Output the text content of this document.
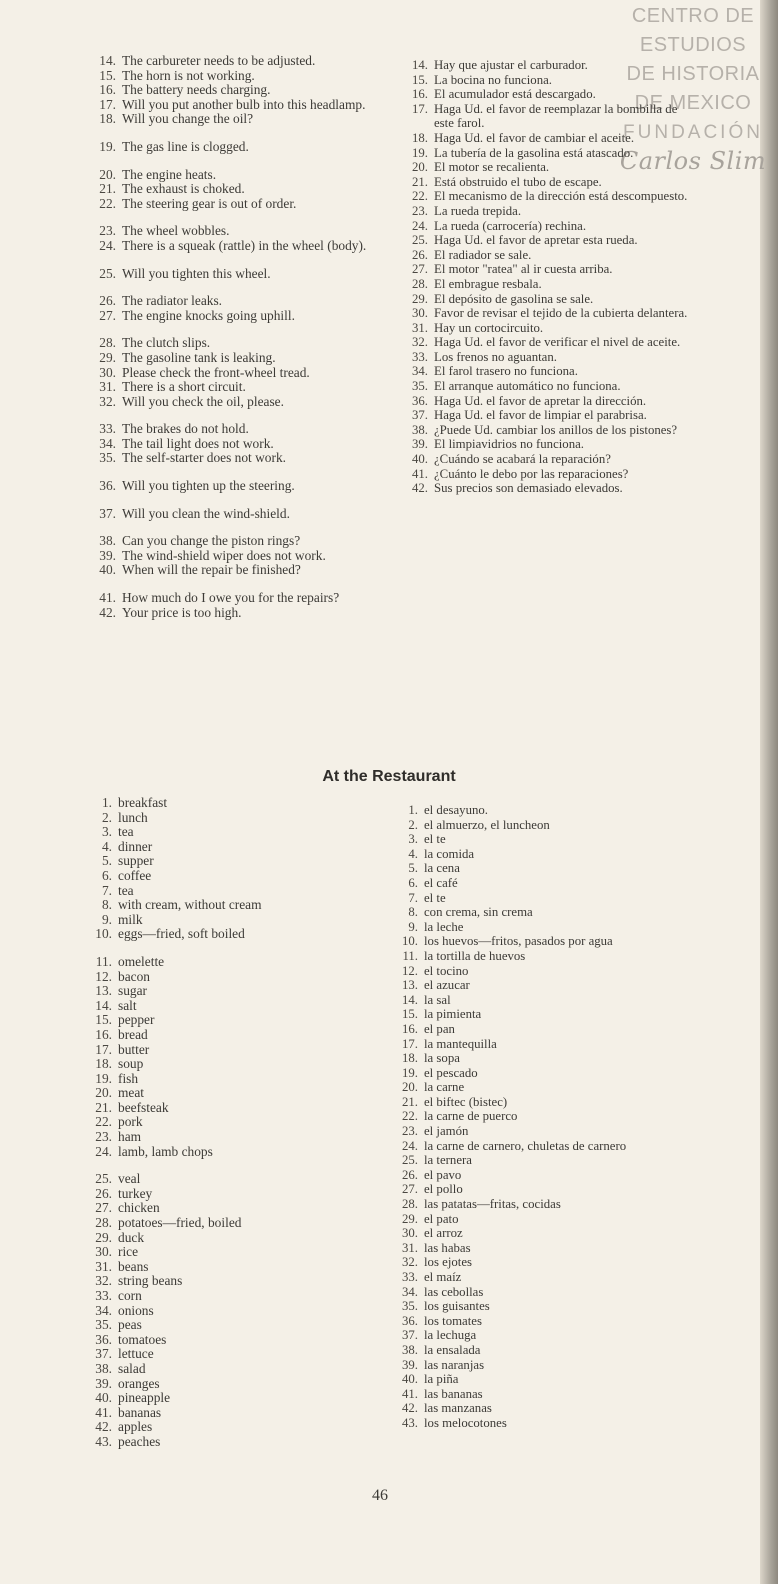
CENTRO DE
ESTUDIOS
DE HISTORIA
DE MEXICO
FUNDACIÓN
Carlos Slim
14. The carbureter needs to be adjusted.
15. The horn is not working.
16. The battery needs charging.
17. Will you put another bulb into this headlamp.
18. Will you change the oil?
19. The gas line is clogged.
20. The engine heats.
21. The exhaust is choked.
22. The steering gear is out of order.
23. The wheel wobbles.
24. There is a squeak (rattle) in the wheel (body).
25. Will you tighten this wheel.
26. The radiator leaks.
27. The engine knocks going uphill.
28. The clutch slips.
29. The gasoline tank is leaking.
30. Please check the front-wheel tread.
31. There is a short circuit.
32. Will you check the oil, please.
33. The brakes do not hold.
34. The tail light does not work.
35. The self-starter does not work.
36. Will you tighten up the steering.
37. Will you clean the wind-shield.
38. Can you change the piston rings?
39. The wind-shield wiper does not work.
40. When will the repair be finished?
41. How much do I owe you for the repairs?
42. Your price is too high.
14. Hay que ajustar el carburador.
15. La bocina no funciona.
16. El acumulador está descargado.
17. Haga Ud. el favor de reemplazar la bombilla de este farol.
18. Haga Ud. el favor de cambiar el aceite.
19. La tubería de la gasolina está atascado.
20. El motor se recalienta.
21. Está obstruido el tubo de escape.
22. El mecanismo de la dirección está descompuesto.
23. La rueda trepida.
24. La rueda (carrocería) rechina.
25. Haga Ud. el favor de apretar esta rueda.
26. El radiador se sale.
27. El motor "ratea" al ir cuesta arriba.
28. El embrague resbala.
29. El depósito de gasolina se sale.
30. Favor de revisar el tejido de la cubierta delantera.
31. Hay un cortocircuito.
32. Haga Ud. el favor de verificar el nivel de aceite.
33. Los frenos no aguantan.
34. El farol trasero no funciona.
35. El arranque automático no funciona.
36. Haga Ud. el favor de apretar la dirección.
37. Haga Ud. el favor de limpiar el parabrisa.
38. ¿Puede Ud. cambiar los anillos de los pistones?
39. El limpiavidrios no funciona.
40. ¿Cuándo se acabará la reparación?
41. ¿Cuánto le debo por las reparaciones?
42. Sus precios son demasiado elevados.
At the Restaurant
1. breakfast
2. lunch
3. tea
4. dinner
5. supper
6. coffee
7. tea
8. with cream, without cream
9. milk
10. eggs—fried, soft boiled
11. omelette
12. bacon
13. sugar
14. salt
15. pepper
16. bread
17. butter
18. soup
19. fish
20. meat
21. beefsteak
22. pork
23. ham
24. lamb, lamb chops
25. veal
26. turkey
27. chicken
28. potatoes—fried, boiled
29. duck
30. rice
31. beans
32. string beans
33. corn
34. onions
35. peas
36. tomatoes
37. lettuce
38. salad
39. oranges
40. pineapple
41. bananas
42. apples
43. peaches
1. el desayuno.
2. el almuerzo, el luncheon
3. el te
4. la comida
5. la cena
6. el café
7. el te
8. con crema, sin crema
9. la leche
10. los huevos—fritos, pasados por agua
11. la tortilla de huevos
12. el tocino
13. el azucar
14. la sal
15. la pimienta
16. el pan
17. la mantequilla
18. la sopa
19. el pescado
20. la carne
21. el biftec (bistec)
22. la carne de puerco
23. el jamón
24. la carne de carnero, chuletas de carnero
25. la ternera
26. el pavo
27. el pollo
28. las patatas—fritas, cocidas
29. el pato
30. el arroz
31. las habas
32. los ejotes
33. el maíz
34. las cebollas
35. los guisantes
36. los tomates
37. la lechuga
38. la ensalada
39. las naranjas
40. la piña
41. las bananas
42. las manzanas
43. los melocotones
46
